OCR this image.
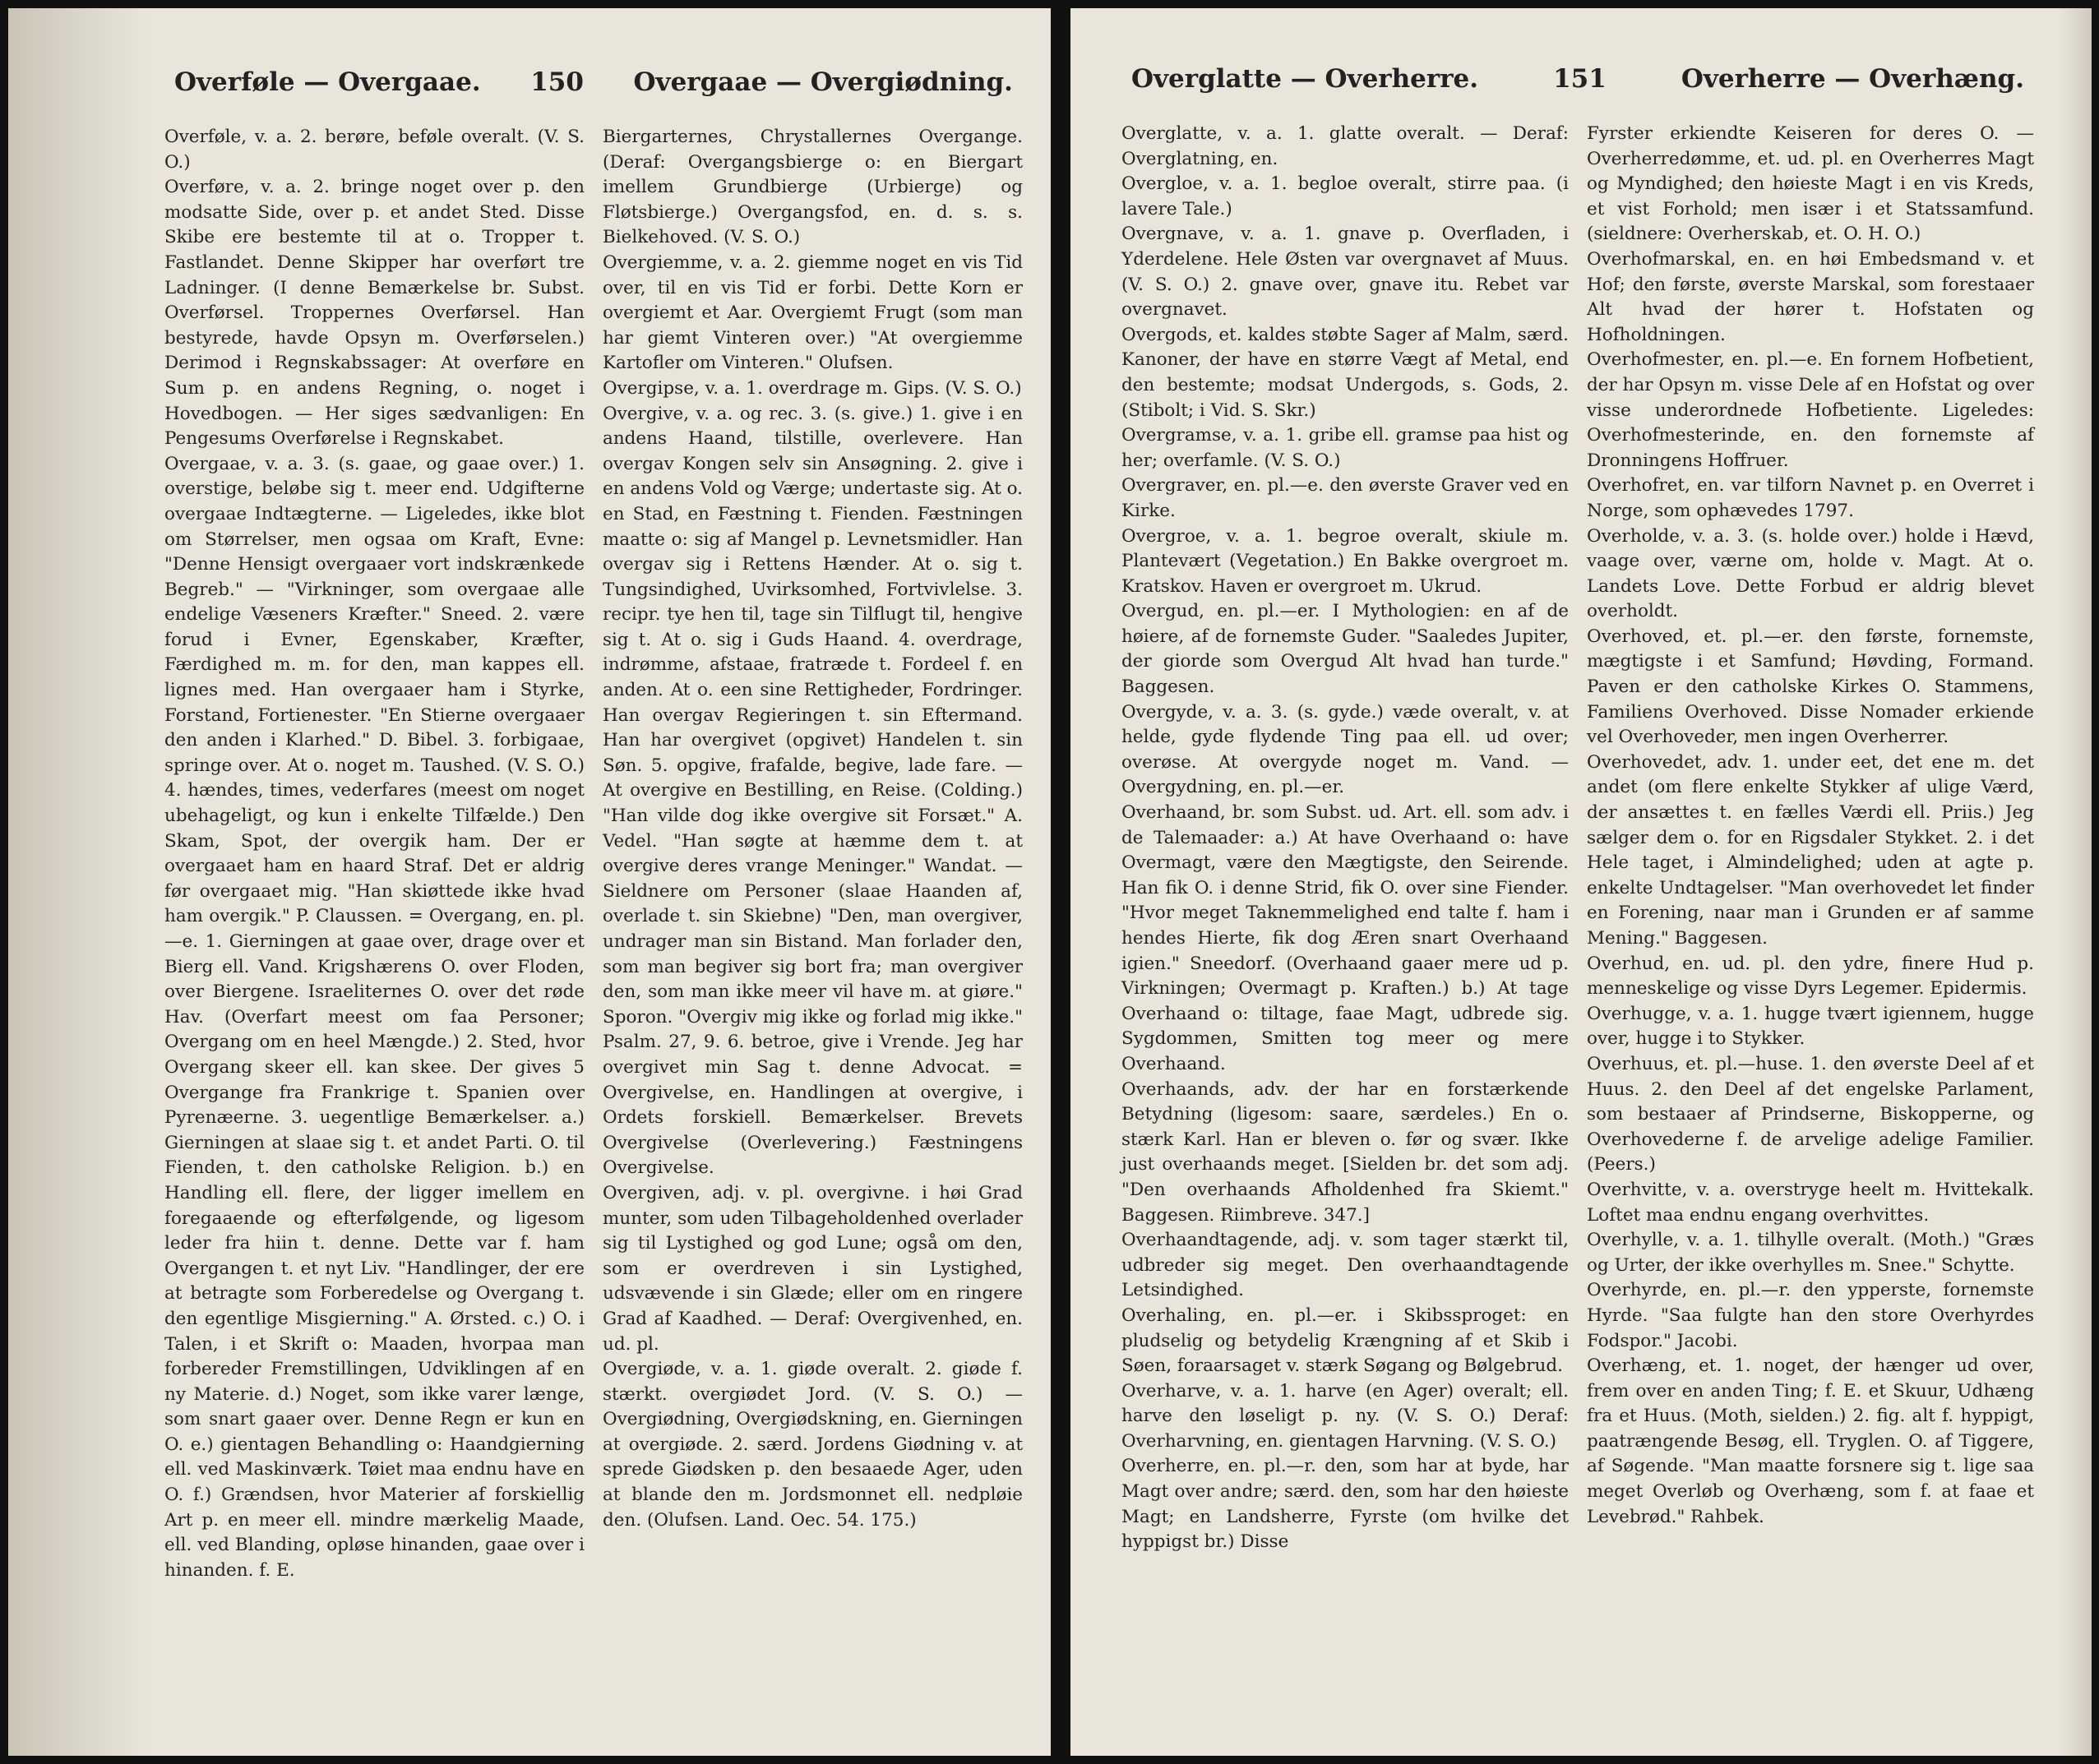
Overføle — Overgaae. 150 Overgaae — Overgiødning.

Overføle, v. a. 2. berøre, beføle overalt. (V. S. O.)

Overføre, v. a. 2. bringe noget over p. den modsatte Side, over p. et andet Sted. Disse Skibe ere bestemte til at o. Tropper t. Fastlandet. Denne Skipper har overført tre Ladninger. (I denne Bemærkelse br. Subst. Overførsel. Troppernes Overførsel. Han bestyrede, havde Opsyn m. Overførselen.) Derimod i Regnskabssager: At overføre en Sum p. en andens Regning, o. noget i Hovedbogen. — Her siges sædvanligen: En Pengesums Overførelse i Regnskabet.

Overgaae, v. a. 3. (s. gaae, og gaae over.) 1. overstige, beløbe sig t. meer end. Udgifterne overgaae Indtægterne. — Ligeledes, ikke blot om Størrelser, men ogsaa om Kraft, Evne: "Denne Hensigt overgaaer vort indskrænkede Begreb." — "Virkninger, som overgaae alle endelige Væseners Kræfter." Sneed. 2. være forud i Evner, Egenskaber, Kræfter, Færdighed m. m. for den, man kappes ell. lignes med. Han overgaaer ham i Styrke, Forstand, Fortienester. "En Stierne overgaaer den anden i Klarhed." D. Bibel. 3. forbigaae, springe over. At o. noget m. Taushed. (V. S. O.) 4. hændes, times, vederfares (meest om noget ubehageligt, og kun i enkelte Tilfælde.) Den Skam, Spot, der overgik ham. Der er overgaaet ham en haard Straf. Det er aldrig før overgaaet mig. "Han skiøttede ikke hvad ham overgik." P. Claussen. = Overgang, en. pl.—e. 1. Gierningen at gaae over, drage over et Bierg ell. Vand. Krigshærens O. over Floden, over Biergene. Israeliternes O. over det røde Hav. (Overfart meest om faa Personer; Overgang om en heel Mængde.) 2. Sted, hvor Overgang skeer ell. kan skee. Der gives 5 Overgange fra Frankrige t. Spanien over Pyrenæerne. 3. uegentlige Bemærkelser. a.) Gierningen at slaae sig t. et andet Parti. O. til Fienden, t. den catholske Religion. b.) en Handling ell. flere, der ligger imellem en foregaaende og efterfølgende, og ligesom leder fra hiin t. denne. Dette var f. ham Overgangen t. et nyt Liv. "Handlinger, der ere at betragte som Forberedelse og Overgang t. den egentlige Misgierning." A. Ørsted. c.) O. i Talen, i et Skrift o: Maaden, hvorpaa man forbereder Fremstillingen, Udviklingen af en ny Materie. d.) Noget, som ikke varer længe, som snart gaaer over. Denne Regn er kun en O. e.) gientagen Behandling o: Haandgierning ell. ved Maskinværk. Tøiet maa endnu have en O. f.) Grændsen, hvor Materier af forskiellig Art p. en meer ell. mindre mærkelig Maade, ell. ved Blanding, opløse hinanden, gaae over i hinanden. f. E.

Biergarternes, Chrystallernes Overgange. (Deraf: Overgangsbierge o: en Biergart imellem Grundbierge (Urbierge) og Fløtsbierge.) Overgangsfod, en. d. s. s. Bielkehoved. (V. S. O.)

Overgiemme, v. a. 2. giemme noget en vis Tid over, til en vis Tid er forbi. Dette Korn er overgiemt et Aar. Overgiemt Frugt (som man har giemt Vinteren over.) "At overgiemme Kartofler om Vinteren." Olufsen.

Overgipse, v. a. 1. overdrage m. Gips. (V. S. O.)

Overgive, v. a. og rec. 3. (s. give.) 1. give i en andens Haand, tilstille, overlevere. Han overgav Kongen selv sin Ansøgning. 2. give i en andens Vold og Værge; undertaste sig. At o. en Stad, en Fæstning t. Fienden. Fæstningen maatte o: sig af Mangel p. Levnetsmidler. Han overgav sig i Rettens Hænder. At o. sig t. Tungsindighed, Uvirksomhed, Fortvivlelse. 3. recipr. tye hen til, tage sin Tilflugt til, hengive sig t. At o. sig i Guds Haand. 4. overdrage, indrømme, afstaae, fratræde t. Fordeel f. en anden. At o. een sine Rettigheder, Fordringer. Han overgav Regieringen t. sin Eftermand. Han har overgivet (opgivet) Handelen t. sin Søn. 5. opgive, frafalde, begive, lade fare. — At overgive en Bestilling, en Reise. (Colding.) "Han vilde dog ikke overgive sit Forsæt." A. Vedel. "Han søgte at hæmme dem t. at overgive deres vrange Meninger." Wandat. — Sieldnere om Personer (slaae Haanden af, overlade t. sin Skiebne) "Den, man overgiver, undrager man sin Bistand. Man forlader den, som man begiver sig bort fra; man overgiver den, som man ikke meer vil have m. at giøre." Sporon. "Overgiv mig ikke og forlad mig ikke." Psalm. 27, 9. 6. betroe, give i Vrende. Jeg har overgivet min Sag t. denne Advocat. = Overgivelse, en. Handlingen at overgive, i Ordets forskiell. Bemærkelser. Brevets Overgivelse (Overlevering.) Fæstningens Overgivelse.

Overgiven, adj. v. pl. overgivne. i høi Grad munter, som uden Tilbageholdenhed overlader sig til Lystighed og god Lune; også om den, som er overdreven i sin Lystighed, udsvævende i sin Glæde; eller om en ringere Grad af Kaadhed. — Deraf: Overgivenhed, en. ud. pl.

Overgiøde, v. a. 1. giøde overalt. 2. giøde f. stærkt. overgiødet Jord. (V. S. O.) — Overgiødning, Overgiødskning, en. Gierningen at overgiøde. 2. særd. Jordens Giødning v. at sprede Giødsken p. den besaaede Ager, uden at blande den m. Jordsmonnet ell. nedpløie den. (Olufsen. Land. Oec. 54. 175.)

Overglatte — Overherre.	151	Overherre — Overhæng.

Overglatte, v. a. 1. glatte overalt. — Deraf: Overglatning, en.

Overgloe, v. a. 1. begloe overalt, stirre paa. (i lavere Tale.)

Overgnave, v. a. 1. gnave p. Overfladen, i Yderdelene. Hele Østen var overgnavet af Muus. (V. S. O.) 2. gnave over, gnave itu. Rebet var overgnavet.

Overgods, et. kaldes støbte Sager af Malm, særd. Kanoner, der have en større Vægt af Metal, end den bestemte; modsat Undergods, s. Gods, 2. (Stibolt; i Vid. S. Skr.)

Overgramse, v. a. 1. gribe ell. gramse paa hist og her; overfamle. (V. S. O.)

Overgraver, en. pl.—e. den øverste Graver ved en Kirke.

Overgroe, v. a. 1. begroe overalt, skiule m. Plantevært (Vegetation.) En Bakke overgroet m. Kratskov. Haven er overgroet m. Ukrud.

Overgud, en. pl.—er. I Mythologien: en af de høiere, af de fornemste Guder. "Saaledes Jupiter, der giorde som Overgud Alt hvad han turde." Baggesen.

Overgyde, v. a. 3. (s. gyde.) væde overalt, v. at helde, gyde flydende Ting paa ell. ud over; overøse. At overgyde noget m. Vand. — Overgydning, en. pl.—er.

Overhaand, br. som Subst. ud. Art. ell. som adv. i de Talemaader: a.) At have Overhaand o: have Overmagt, være den Mægtigste, den Seirende. Han fik O. i denne Strid, fik O. over sine Fiender. "Hvor meget Taknemmelighed end talte f. ham i hendes Hierte, fik dog Æren snart Overhaand igien." Sneedorf. (Overhaand gaaer mere ud p. Virkningen; Overmagt p. Kraften.) b.) At tage Overhaand o: tiltage, faae Magt, udbrede sig. Sygdommen, Smitten tog meer og mere Overhaand.

Overhaands, adv. der har en forstærkende Betydning (ligesom: saare, særdeles.) En o. stærk Karl. Han er bleven o. før og svær. Ikke just overhaands meget. [Sielden br. det som adj. "Den overhaands Afholdenhed fra Skiemt." Baggesen. Riimbreve. 347.]

Overhaandtagende, adj. v. som tager stærkt til, udbreder sig meget. Den overhaandtagende Letsindighed.

Overhaling, en. pl.—er. i Skibssproget: en pludselig og betydelig Krængning af et Skib i Søen, foraarsaget v. stærk Søgang og Bølgebrud.

Overharve, v. a. 1. harve (en Ager) overalt; ell. harve den løseligt p. ny. (V. S. O.) Deraf: Overharvning, en. gientagen Harvning. (V. S. O.)

Overherre, en. pl.—r. den, som har at byde, har Magt over andre; særd. den, som har den høieste Magt; en Landsherre, Fyrste (om hvilke det hyppigst br.) Disse

Fyrster erkiendte Keiseren for deres O. — Overherredømme, et. ud. pl. en Overherres Magt og Myndighed; den høieste Magt i en vis Kreds, et vist Forhold; men især i et Statssamfund. (sieldnere: Overherskab, et. O. H. O.)

Overhofmarskal, en. en høi Embedsmand v. et Hof; den første, øverste Marskal, som forestaaer Alt hvad der hører t. Hofstaten og Hofholdningen.

Overhofmester, en. pl.—e. En fornem Hofbetient, der har Opsyn m. visse Dele af en Hofstat og over visse underordnede Hofbetiente. Ligeledes: Overhofmesterinde, en. den fornemste af Dronningens Hoffruer.

Overhofret, en. var tilforn Navnet p. en Overret i Norge, som ophævedes 1797.

Overholde, v. a. 3. (s. holde over.) holde i Hævd, vaage over, værne om, holde v. Magt. At o. Landets Love. Dette Forbud er aldrig blevet overholdt.

Overhoved, et. pl.—er. den første, fornemste, mægtigste i et Samfund; Høvding, Formand. Paven er den catholske Kirkes O. Stammens, Familiens Overhoved. Disse Nomader erkiende vel Overhoveder, men ingen Overherrer.

Overhovedet, adv. 1. under eet, det ene m. det andet (om flere enkelte Stykker af ulige Værd, der ansættes t. en fælles Værdi ell. Priis.) Jeg sælger dem o. for en Rigsdaler Stykket. 2. i det Hele taget, i Almindelighed; uden at agte p. enkelte Undtagelser. "Man overhovedet let finder en Forening, naar man i Grunden er af samme Mening." Baggesen.

Overhud, en. ud. pl. den ydre, finere Hud p. menneskelige og visse Dyrs Legemer. Epidermis.

Overhugge, v. a. 1. hugge tvært igiennem, hugge over, hugge i to Stykker.

Overhuus, et. pl.—huse. 1. den øverste Deel af et Huus. 2. den Deel af det engelske Parlament, som bestaaer af Prindserne, Biskopperne, og Overhovederne f. de arvelige adelige Familier. (Peers.)

Overhvitte, v. a. overstryge heelt m. Hvittekalk. Loftet maa endnu engang overhvittes.

Overhylle, v. a. 1. tilhylle overalt. (Moth.) "Græs og Urter, der ikke overhylles m. Snee." Schytte.

Overhyrde, en. pl.—r. den ypperste, fornemste Hyrde. "Saa fulgte han den store Overhyrdes Fodspor." Jacobi.

Overhæng, et. 1. noget, der hænger ud over, frem over en anden Ting; f. E. et Skuur, Udhæng fra et Huus. (Moth, sielden.) 2. fig. alt f. hyppigt, paatrængende Besøg, ell. Tryglen. O. af Tiggere, af Søgende. "Man maatte forsnere sig t. lige saa meget Overløb og Overhæng, som f. at faae et Levebrød." Rahbek.
